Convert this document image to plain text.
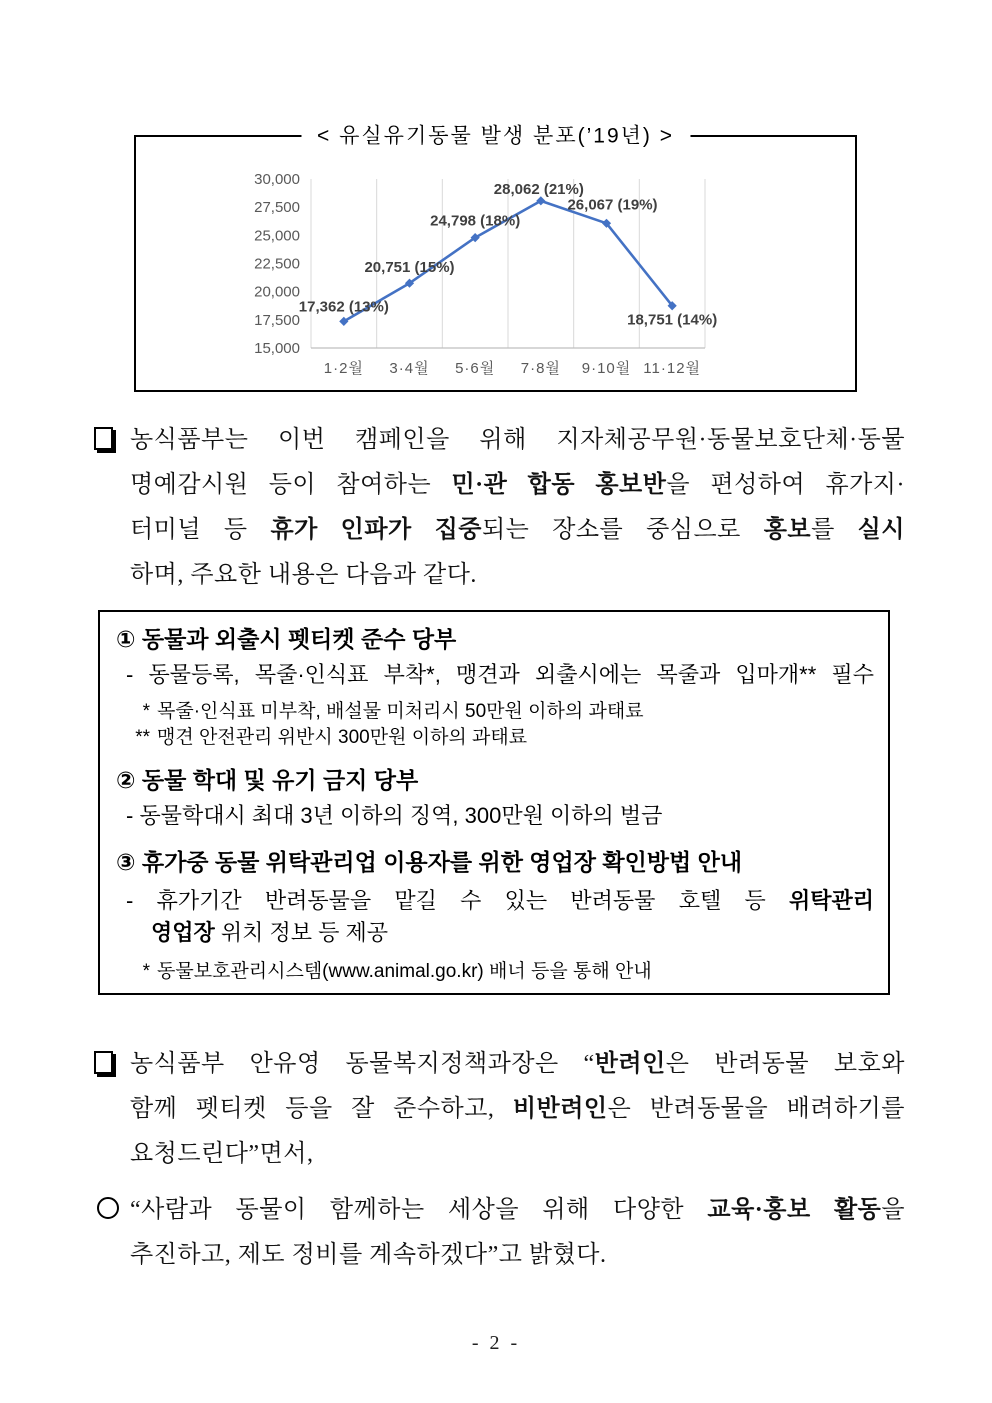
< 유실유기동물 발생 분포(’19년) >
15,000
17,500
20,000
22,500
25,000
27,500
30,000
1·2월 3·4월 5·6월 7·8월 9·10월 11·12월
17,362 (13%)
20,751 (15%)
24,798 (18%)
28,062 (21%)
26,067 (19%)
18,751 (14%)
농식품부는 이번 캠페인을 위해 지자체공무원·동물보호단체·동물
명예감시원 등이 참여하는 민·관 합동 홍보반을 편성하여 휴가지·
터미널 등 휴가 인파가 집중되는 장소를 중심으로 홍보를 실시
하며, 주요한 내용은 다음과 같다.
① 동물과 외출시 펫티켓 준수 당부
- 동물등록, 목줄·인식표 부착*, 맹견과 외출시에는 목줄과 입마개** 필수
* 목줄·인식표 미부착, 배설물 미처리시 50만원 이하의 과태료
** 맹견 안전관리 위반시 300만원 이하의 과태료
② 동물 학대 및 유기 금지 당부
- 동물학대시 최대 3년 이하의 징역, 300만원 이하의 벌금
③ 휴가중 동물 위탁관리업 이용자를 위한 영업장 확인방법 안내
- 휴가기간 반려동물을 맡길 수 있는 반려동물 호텔 등 위탁관리
영업장 위치 정보 등 제공
* 동물보호관리시스템(www.animal.go.kr) 배너 등을 통해 안내
농식품부 안유영 동물복지정책과장은 “반려인은 반려동물 보호와
함께 펫티켓 등을 잘 준수하고, 비반려인은 반려동물을 배려하기를
요청드린다”면서,
“사람과 동물이 함께하는 세상을 위해 다양한 교육·홍보 활동을
추진하고, 제도 정비를 계속하겠다”고 밝혔다.
- 2 -
